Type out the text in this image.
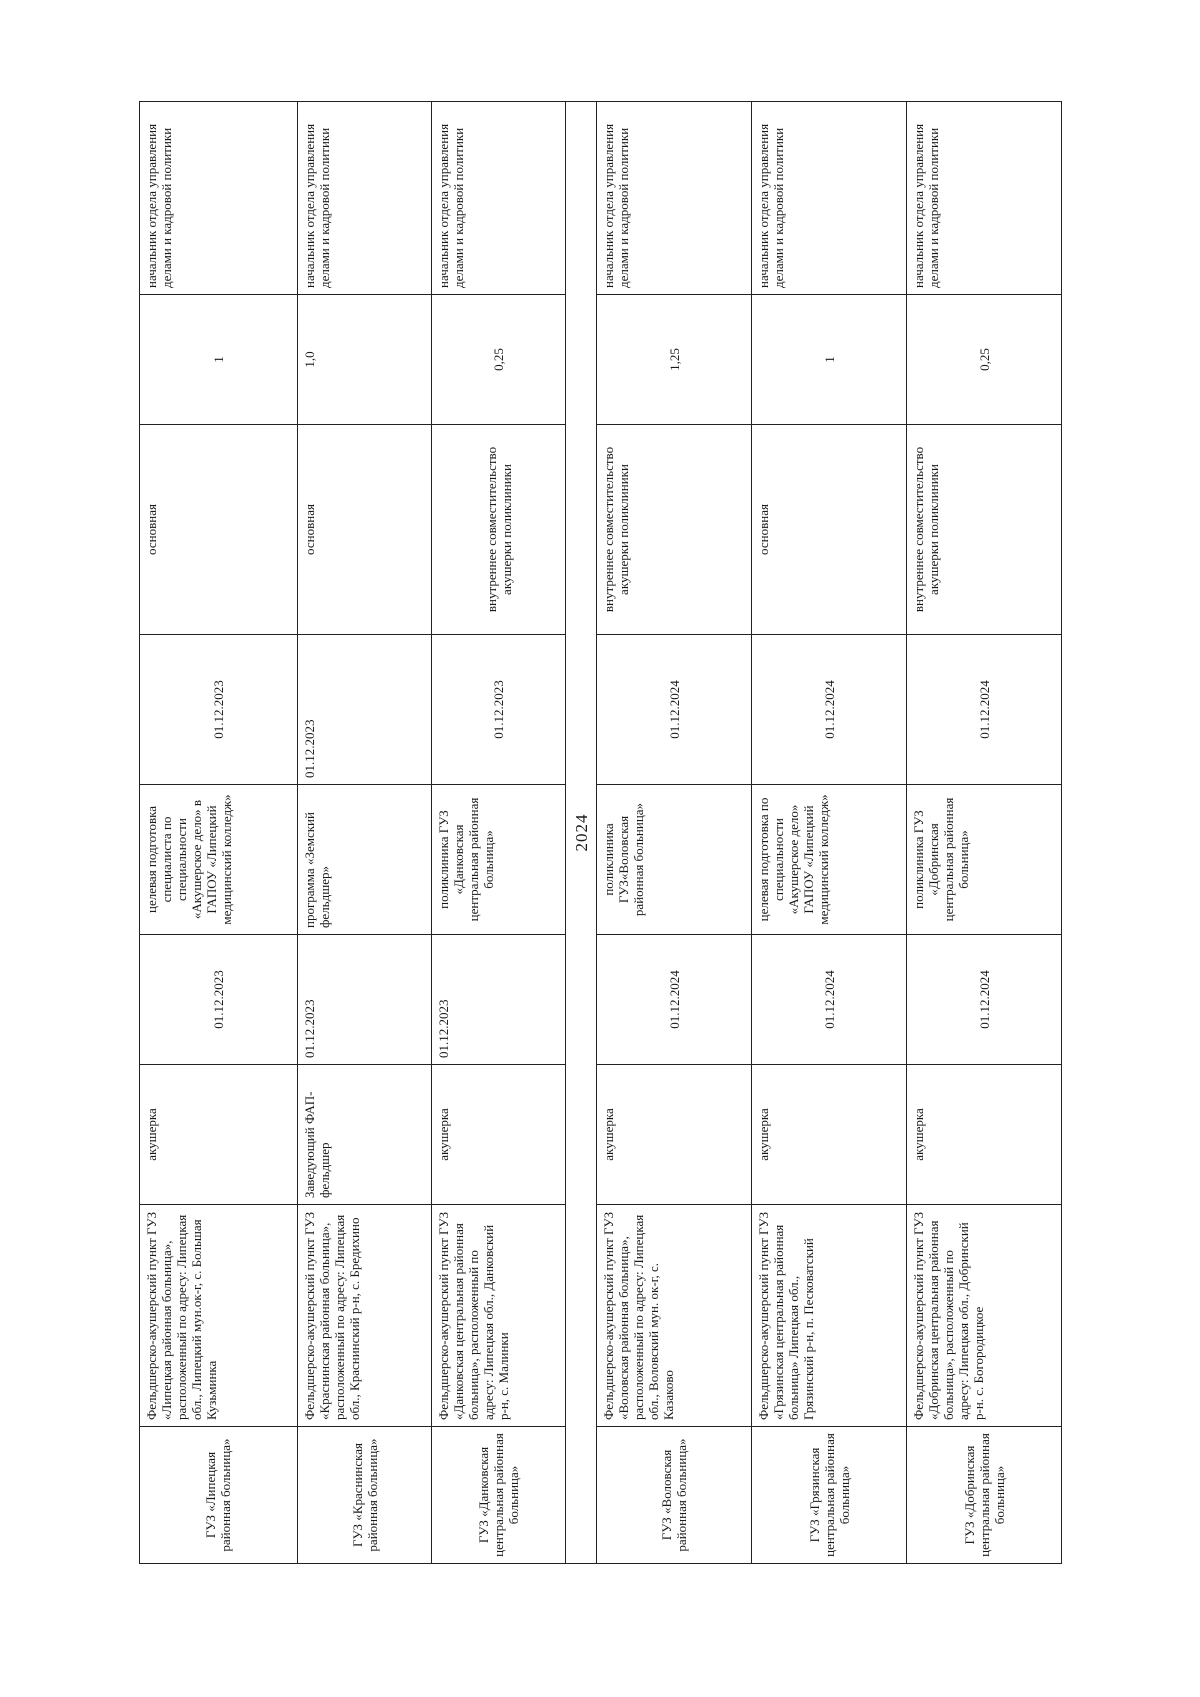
ГУЗ «Липецкая районная больница»	Фельдшерско-акушерский пункт ГУЗ «Липецкая районная больница», расположенный по адресу: Липецкая обл., Липецкий мун.ок-г, с. Большая Кузьминка	акушерка	01.12.2023	целевая подготовка специалиста по специальности «Акушерское дело» в ГАПОУ «Липецкий медицинский колледж»	01.12.2023	основная	1	начальник отдела управления делами и кадровой политики
ГУЗ «Краснинская районная больница»	Фельдшерско-акушерский пункт ГУЗ «Краснинская районная больница», расположенный по адресу: Липецкая обл., Краснинский р-н, с. Бредихино	Заведующий ФАП-фельдшер	01.12.2023	программа «Земский фельдшер»	01.12.2023	основная	1,0	начальник отдела управления делами и кадровой политики
ГУЗ «Данковская центральная районная больница»	Фельдшерско-акушерский пункт ГУЗ «Данковская центральная районная больница», расположенный по адресу: Липецкая обл., Данковский р-н, с. Малинки	акушерка	01.12.2023	поликлиника ГУЗ «Данковская центральная районная больница»	01.12.2023	внутреннее совместительство акушерки поликлиники	0,25	начальник отдела управления делами и кадровой политики
2024								
ГУЗ «Воловская районная больница»	Фельдшерско-акушерский пункт ГУЗ «Воловская районная больница», расположенный по адресу: Липецкая обл., Воловский мун. ок-г, с. Казаково	акушерка	01.12.2024	поликлиника ГУЗ«Воловская районная больница»	01.12.2024	внутреннее совместительство акушерки поликлиники	1,25	начальник отдела управления делами и кадровой политики
ГУЗ «Грязинская центральная районная больница»	Фельдшерско-акушерский пункт ГУЗ «Грязинская центральная районная больница» Липецкая обл., Грязинский р-н, п. Песковатский	акушерка	01.12.2024	целевая подготовка по специальности «Акушерское дело» ГАПОУ «Липецкий медицинский колледж»	01.12.2024	основная	1	начальник отдела управления делами и кадровой политики
ГУЗ «Добринская центральная районная больница»	Фельдшерско-акушерский пункт ГУЗ «Добринская центральная районная больница», расположенный по адресу: Липецкая обл., Добринский р-н. с. Богородицкое	акушерка	01.12.2024	поликлиника ГУЗ «Добринская центральная районная больница»	01.12.2024	внутреннее совместительство акушерки поликлиники	0,25	начальник отдела управления делами и кадровой политики
